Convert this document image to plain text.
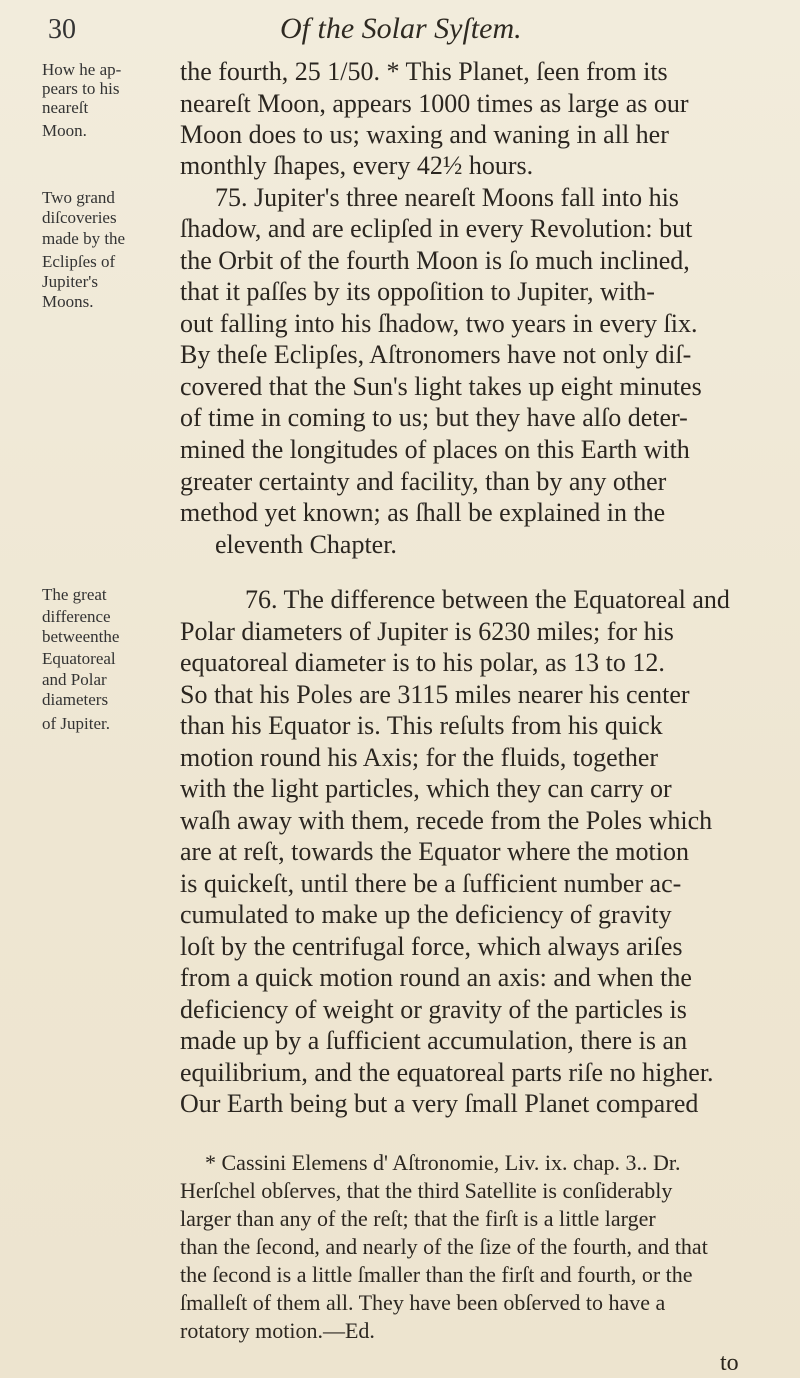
30	Of the Solar Syſtem.
How he ap-
pears to his
neareſt
Moon.
Two grand
diſcoveries
made by the
Eclipſes of
Jupiter's
Moons.
The great
difference
betweenthe
Equatoreal
and Polar
diameters
of Jupiter.
the fourth, 25 1/50. * This Planet, ſeen from its
neareſt Moon, appears 1000 times as large as our
Moon does to us; waxing and waning in all her
monthly ſhapes, every 42½ hours.
75. Jupiter's three neareſt Moons fall into his
ſhadow, and are eclipſed in every Revolution: but
the Orbit of the fourth Moon is ſo much inclined,
that it paſſes by its oppoſition to Jupiter, with-
out falling into his ſhadow, two years in every ſix.
By theſe Eclipſes, Aſtronomers have not only diſ-
covered that the Sun's light takes up eight minutes
of time in coming to us; but they have alſo deter-
mined the longitudes of places on this Earth with
greater certainty and facility, than by any other
method yet known; as ſhall be explained in the
eleventh Chapter.
76. The difference between the Equatoreal and
Polar diameters of Jupiter is 6230 miles; for his
equatoreal diameter is to his polar, as 13 to 12.
So that his Poles are 3115 miles nearer his center
than his Equator is. This reſults from his quick
motion round his Axis; for the fluids, together
with the light particles, which they can carry or
waſh away with them, recede from the Poles which
are at reſt, towards the Equator where the motion
is quickeſt, until there be a ſufficient number ac-
cumulated to make up the deficiency of gravity
loſt by the centrifugal force, which always ariſes
from a quick motion round an axis: and when the
deficiency of weight or gravity of the particles is
made up by a ſufficient accumulation, there is an
equilibrium, and the equatoreal parts riſe no higher.
Our Earth being but a very ſmall Planet compared
* Cassini Elemens d' Aſtronomie, Liv. ix. chap. 3.. Dr.
Herſchel obſerves, that the third Satellite is conſiderably
larger than any of the reſt; that the firſt is a little larger
than the ſecond, and nearly of the ſize of the fourth, and that
the ſecond is a little ſmaller than the firſt and fourth, or the
ſmalleſt of them all. They have been obſerved to have a
rotatory motion.—Ed.
to
